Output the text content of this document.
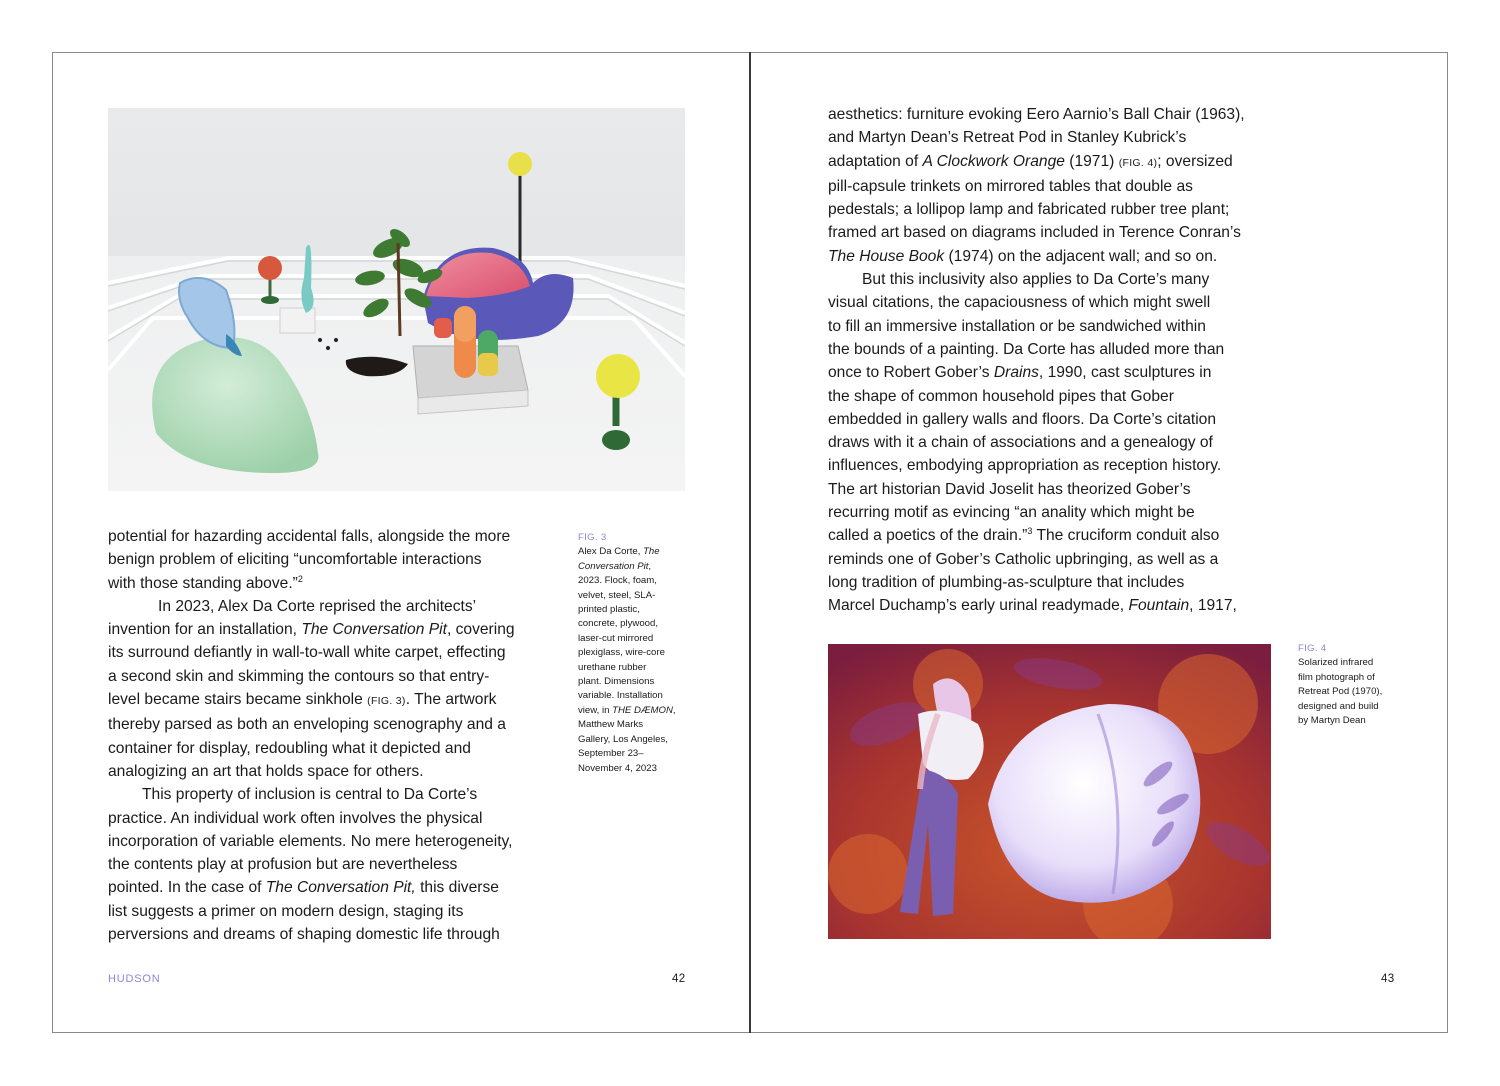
potential for hazarding accidental falls, alongside the more
benign problem of eliciting “uncomfortable interactions
with those standing above.”$^2$
In 2023, Alex Da Corte reprised the architects’
invention for an installation, The Conversation Pit, covering
its surround defiantly in wall-to-wall white carpet, effecting
a second skin and skimming the contours so that entry-
level became stairs became sinkhole (FIG. 3). The artwork
thereby parsed as both an enveloping scenography and a
container for display, redoubling what it depicted and
analogizing an art that holds space for others.
This property of inclusion is central to Da Corte’s
practice. An individual work often involves the physical
incorporation of variable elements. No mere heterogeneity,
the contents play at profusion but are nevertheless
pointed. In the case of The Conversation Pit, this diverse
list suggests a primer on modern design, staging its
perversions and dreams of shaping domestic life through
FIG. 3
Alex Da Corte, The
Conversation Pit,
2023. Flock, foam,
velvet, steel, SLA-
printed plastic,
concrete, plywood,
laser-cut mirrored
plexiglass, wire-core
urethane rubber
plant. Dimensions
variable. Installation
view, in THE DÆMON,
Matthew Marks
Gallery, Los Angeles,
September 23–
November 4, 2023
HUDSON	42
aesthetics: furniture evoking Eero Aarnio’s Ball Chair (1963),
and Martyn Dean’s Retreat Pod in Stanley Kubrick’s
adaptation of A Clockwork Orange (1971) (FIG. 4); oversized
pill-capsule trinkets on mirrored tables that double as
pedestals; a lollipop lamp and fabricated rubber tree plant;
framed art based on diagrams included in Terence Conran’s
The House Book (1974) on the adjacent wall; and so on.
But this inclusivity also applies to Da Corte’s many
visual citations, the capaciousness of which might swell
to fill an immersive installation or be sandwiched within
the bounds of a painting. Da Corte has alluded more than
once to Robert Gober’s Drains, 1990, cast sculptures in
the shape of common household pipes that Gober
embedded in gallery walls and floors. Da Corte’s citation
draws with it a chain of associations and a genealogy of
influences, embodying appropriation as reception history.
The art historian David Joselit has theorized Gober’s
recurring motif as evincing “an anality which might be
called a poetics of the drain.”$^3$ The cruciform conduit also
reminds one of Gober’s Catholic upbringing, as well as a
long tradition of plumbing-as-sculpture that includes
Marcel Duchamp’s early urinal readymade, Fountain, 1917,
FIG. 4
Solarized infrared
film photograph of
Retreat Pod (1970),
designed and build
by Martyn Dean
43
